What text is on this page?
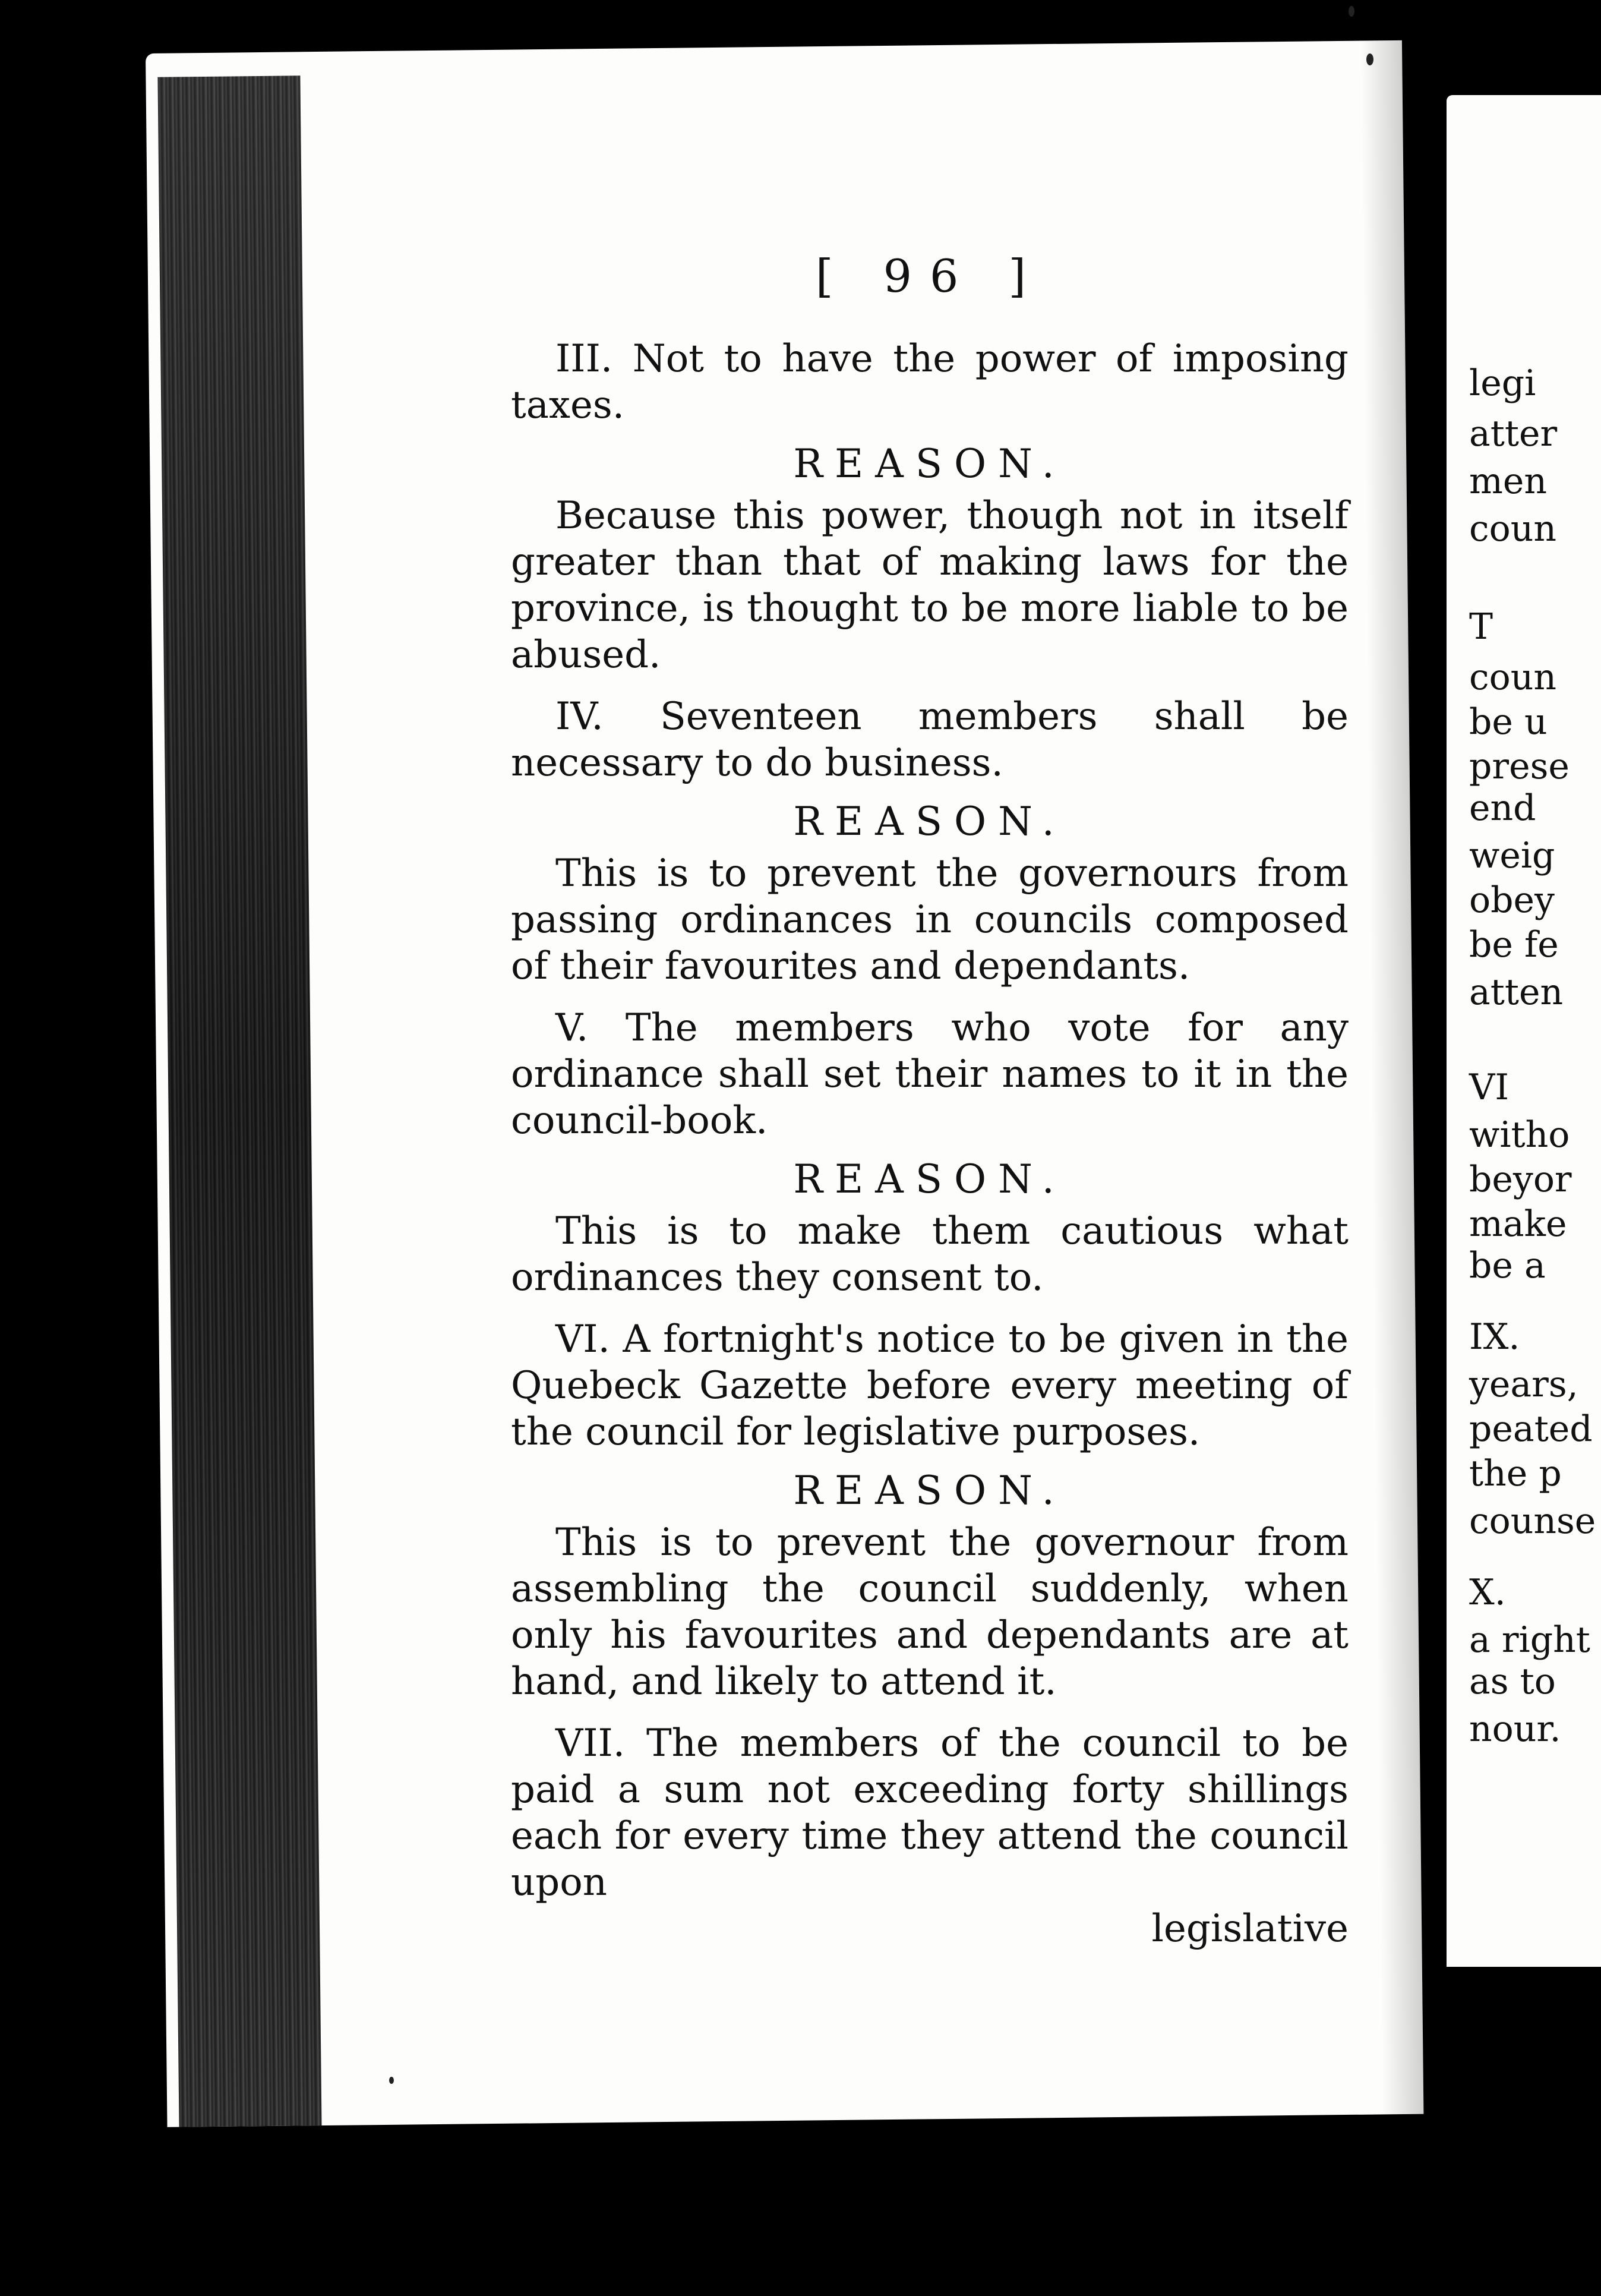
legi
atter
men
coun
T
coun
be u
prese
end
weig
obey
be fe
atten
VI
witho
beyor
make
be a
IX.
years,
peated
the p
counse
X.
a right
as to
nour.
[ 96 ]

III. Not to have the power of imposing taxes.

REASON.

Because this power, though not in itself greater than that of making laws for the province, is thought to be more liable to be abused.

IV. Seventeen members shall be necessary to do business.

REASON.

This is to prevent the governours from passing ordinances in councils composed of their favourites and dependants.

V. The members who vote for any ordinance shall set their names to it in the council-book.

REASON.

This is to make them cautious what ordinances they consent to.

VI. A fortnight's notice to be given in the Quebeck Gazette before every meeting of the council for legislative purposes.

REASON.

This is to prevent the governour from assembling the council suddenly, when only his favourites and dependants are at hand, and likely to attend it.

VII. The members of the council to be paid a sum not exceeding forty shillings each for every time they attend the council upon

legislative
